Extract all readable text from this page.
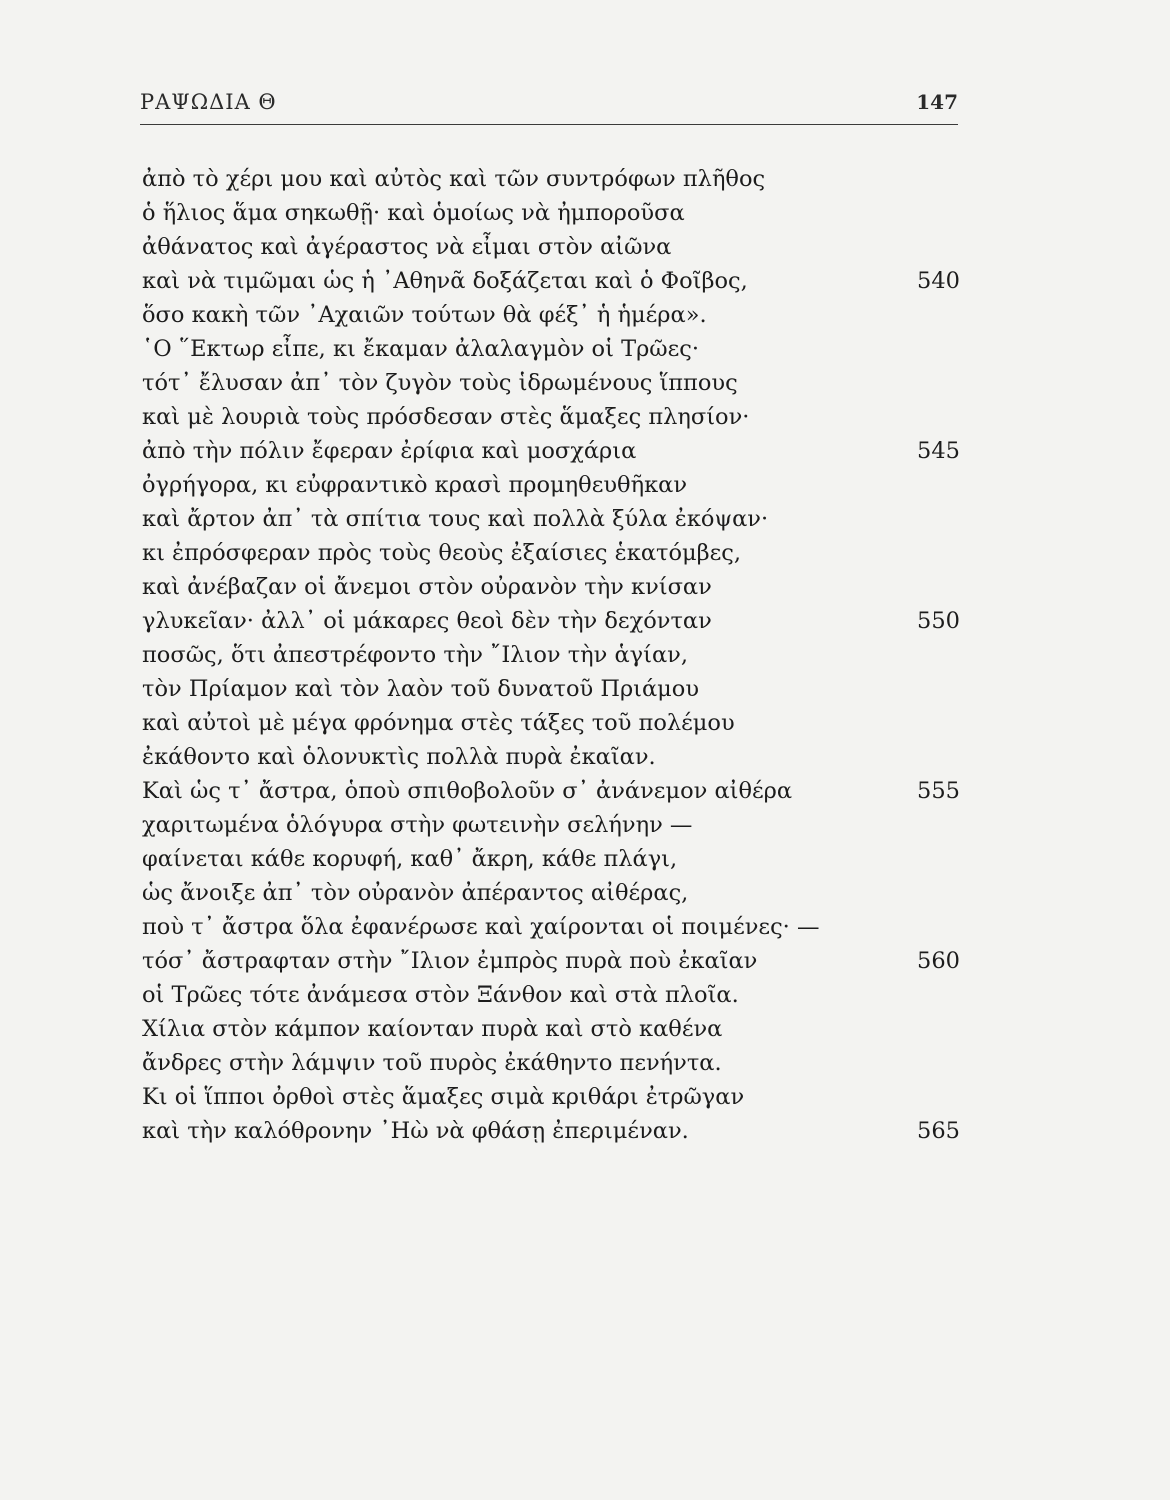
ΡΑΨΩΔΙΑ Θ	147
ἀπὸ τὸ χέρι μου καὶ αὐτὸς καὶ τῶν συντρόφων πλῆθος
ὁ ἥλιος ἅμα σηκωθῇ· καὶ ὁμοίως νὰ ἠμποροῦσα
ἀθάνατος καὶ ἀγέραστος νὰ εἶμαι στὸν αἰῶνα
καὶ νὰ τιμῶμαι ὡς ἡ ᾿Αθηνᾶ δοξάζεται καὶ ὁ Φοῖβος,	540
ὅσο κακὴ τῶν ᾿Αχαιῶν τούτων θὰ φέξ᾿ ἡ ἡμέρα».
῾Ο ῞Εκτωρ εἶπε, κι ἔκαμαν ἀλαλαγμὸν οἱ Τρῶες·
τότ᾿ ἔλυσαν ἀπ᾿ τὸν ζυγὸν τοὺς ἱδρωμένους ἵππους
καὶ μὲ λουριὰ τοὺς πρόσδεσαν στὲς ἅμαξες πλησίον·
ἀπὸ τὴν πόλιν ἔφεραν ἐρίφια καὶ μοσχάρια	545
ὀγρήγορα, κι εὐφραντικὸ κρασὶ προμηθευθῆκαν
καὶ ἄρτον ἀπ᾿ τὰ σπίτια τους καὶ πολλὰ ξύλα ἐκόψαν·
κι ἐπρόσφεραν πρὸς τοὺς θεοὺς ἐξαίσιες ἑκατόμβες,
καὶ ἀνέβαζαν οἱ ἄνεμοι στὸν οὐρανὸν τὴν κνίσαν
γλυκεῖαν· ἀλλ᾿ οἱ μάκαρες θεοὶ δὲν τὴν δεχόνταν	550
ποσῶς, ὅτι ἀπεστρέφοντο τὴν ῎Ιλιον τὴν ἁγίαν,
τὸν Πρίαμον καὶ τὸν λαὸν τοῦ δυνατοῦ Πριάμου
καὶ αὐτοὶ μὲ μέγα φρόνημα στὲς τάξες τοῦ πολέμου
ἐκάθοντο καὶ ὁλονυκτὶς πολλὰ πυρὰ ἐκαῖαν.
Καὶ ὡς τ᾿ ἄστρα, ὁποὺ σπιθοβολοῦν σ᾿ ἀνάνεμον αἰθέρα	555
χαριτωμένα ὁλόγυρα στὴν φωτεινὴν σελήνην —
φαίνεται κάθε κορυφή, καθ᾿ ἄκρη, κάθε πλάγι,
ὡς ἄνοιξε ἀπ᾿ τὸν οὐρανὸν ἀπέραντος αἰθέρας,
ποὺ τ᾿ ἄστρα ὅλα ἐφανέρωσε καὶ χαίρονται οἱ ποιμένες· —
τόσ᾿ ἄστραφταν στὴν ῎Ιλιον ἐμπρὸς πυρὰ ποὺ ἐκαῖαν	560
οἱ Τρῶες τότε ἀνάμεσα στὸν Ξάνθον καὶ στὰ πλοῖα.
Χίλια στὸν κάμπον καίονταν πυρὰ καὶ στὸ καθένα
ἄνδρες στὴν λάμψιν τοῦ πυρὸς ἐκάθηντο πενήντα.
Κι οἱ ἵπποι ὀρθοὶ στὲς ἅμαξες σιμὰ κριθάρι ἐτρῶγαν
καὶ τὴν καλόθρονην ᾿Ηὼ νὰ φθάσῃ ἐπεριμέναν.	565
